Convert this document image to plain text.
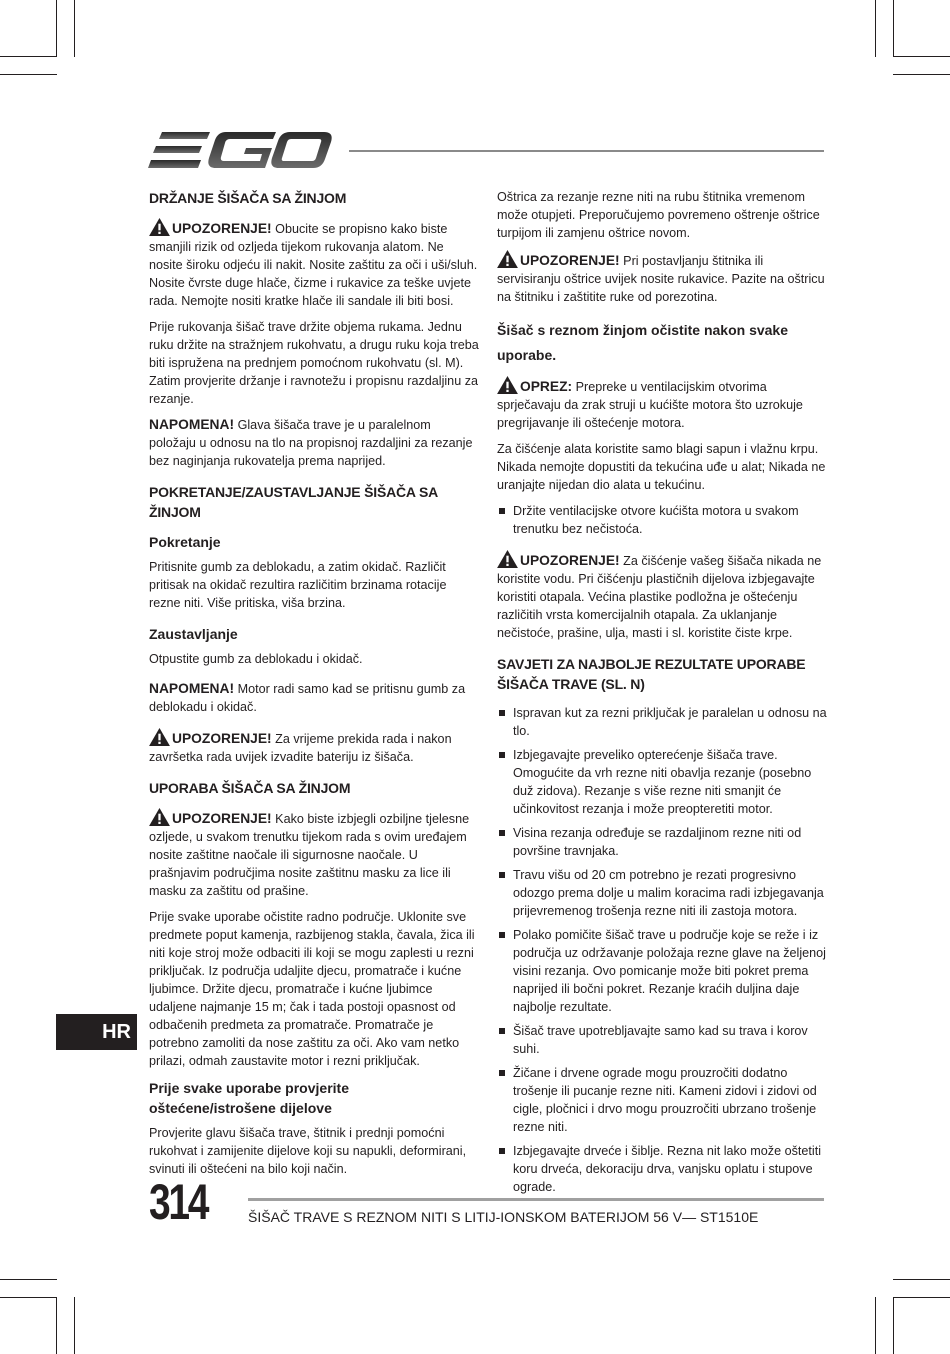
DRŽANJE ŠIŠAČA SA ŽINJOM

UPOZORENJE! Obucite se propisno kako biste smanjili rizik od ozljeda tijekom rukovanja alatom. Ne nosite široku odjeću ili nakit. Nosite zaštitu za oči i uši/sluh. Nosite čvrste duge hlače, čizme i rukavice za teške uvjete rada. Nemojte nositi kratke hlače ili sandale ili biti bosi.

Prije rukovanja šišač trave držite objema rukama. Jednu ruku držite na stražnjem rukohvatu, a drugu ruku koja treba biti ispružena na prednjem pomoćnom rukohvatu (sl. M). Zatim provjerite držanje i ravnotežu i propisnu razdaljinu za rezanje.

NAPOMENA! Glava šišača trave je u paralelnom položaju u odnosu na tlo na propisnoj razdaljini za rezanje bez naginjanja rukovatelja prema naprijed.

POKRETANJE/ZAUSTAVLJANJE ŠIŠAČA SA ŽINJOM
Pokretanje

Pritisnite gumb za deblokadu, a zatim okidač. Različit pritisak na okidač rezultira različitim brzinama rotacije rezne niti. Više pritiska, viša brzina.

Zaustavljanje

Otpustite gumb za deblokadu i okidač.

NAPOMENA! Motor radi samo kad se pritisnu gumb za deblokadu i okidač.

UPOZORENJE! Za vrijeme prekida rada i nakon završetka rada uvijek izvadite bateriju iz šišača.

UPORABA ŠIŠAČA SA ŽINJOM

UPOZORENJE! Kako biste izbjegli ozbiljne tjelesne ozljede, u svakom trenutku tijekom rada s ovim uređajem nosite zaštitne naočale ili sigurnosne naočale. U prašnjavim područjima nosite zaštitnu masku za lice ili masku za zaštitu od prašine.

Prije svake uporabe očistite radno područje. Uklonite sve predmete poput kamenja, razbijenog stakla, čavala, žica ili niti koje stroj može odbaciti ili koji se mogu zaplesti u rezni priključak. Iz područja udaljite djecu, promatrače i kućne ljubimce. Držite djecu, promatrače i kućne ljubimce udaljene najmanje 15 m; čak i tada postoji opasnost od odbačenih predmeta za promatrače. Promatrače je potrebno zamoliti da nose zaštitu za oči. Ako vam netko prilazi, odmah zaustavite motor i rezni priključak.

Prije svake uporabe provjerite oštećene/istrošene dijelove

Provjerite glavu šišača trave, štitnik i prednji pomoćni rukohvat i zamijenite dijelove koji su napukli, deformirani, svinuti ili oštećeni na bilo koji način.

Oštrica za rezanje rezne niti na rubu štitnika vremenom može otupjeti. Preporučujemo povremeno oštrenje oštrice turpijom ili zamjenu oštrice novom.

UPOZORENJE! Pri postavljanju štitnika ili servisiranju oštrice uvijek nosite rukavice. Pazite na oštricu na štitniku i zaštitite ruke od porezotina.

Šišač s reznom žinjom očistite nakon svake uporabe.

OPREZ: Prepreke u ventilacijskim otvorima sprječavaju da zrak struji u kućište motora što uzrokuje pregrijavanje ili oštećenje motora.

Za čišćenje alata koristite samo blagi sapun i vlažnu krpu. Nikada nemojte dopustiti da tekućina uđe u alat; Nikada ne uranjajte nijedan dio alata u tekućinu.

Držite ventilacijske otvore kućišta motora u svakom trenutku bez nečistoća.

UPOZORENJE! Za čišćenje vašeg šišača nikada ne koristite vodu. Pri čišćenju plastičnih dijelova izbjegavajte koristiti otapala. Većina plastike podložna je oštećenju različitih vrsta komercijalnih otapala. Za uklanjanje nečistoće, prašine, ulja, masti i sl. koristite čiste krpe.

SAVJETI ZA NAJBOLJE REZULTATE UPORABE ŠIŠAČA TRAVE (SL. N)
Ispravan kut za rezni priključak je paralelan u odnosu na tlo.
Izbjegavajte preveliko opterećenje šišača trave. Omogućite da vrh rezne niti obavlja rezanje (posebno duž zidova). Rezanje s više rezne niti smanjit će učinkovitost rezanja i može preopteretiti motor.
Visina rezanja određuje se razdaljinom rezne niti od površine travnjaka.
Travu višu od 20 cm potrebno je rezati progresivno odozgo prema dolje u malim koracima radi izbjegavanja prijevremenog trošenja rezne niti ili zastoja motora.
Polako pomičite šišač trave u područje koje se reže i iz područja uz održavanje položaja rezne glave na željenoj visini rezanja. Ovo pomicanje može biti pokret prema naprijed ili bočni pokret. Rezanje kraćih duljina daje najbolje rezultate.
Šišač trave upotrebljavajte samo kad su trava i korov suhi.
Žičane i drvene ograde mogu prouzročiti dodatno trošenje ili pucanje rezne niti. Kameni zidovi i zidovi od cigle, pločnici i drvo mogu prouzročiti ubrzano trošenje rezne niti.
Izbjegavajte drveće i šiblje. Rezna nit lako može oštetiti koru drveća, dekoraciju drva, vanjsku oplatu i stupove ograde.
HR
314	ŠIŠAČ TRAVE S REZNOM NITI S LITIJ-IONSKOM BATERIJOM 56 V— ST1510E
